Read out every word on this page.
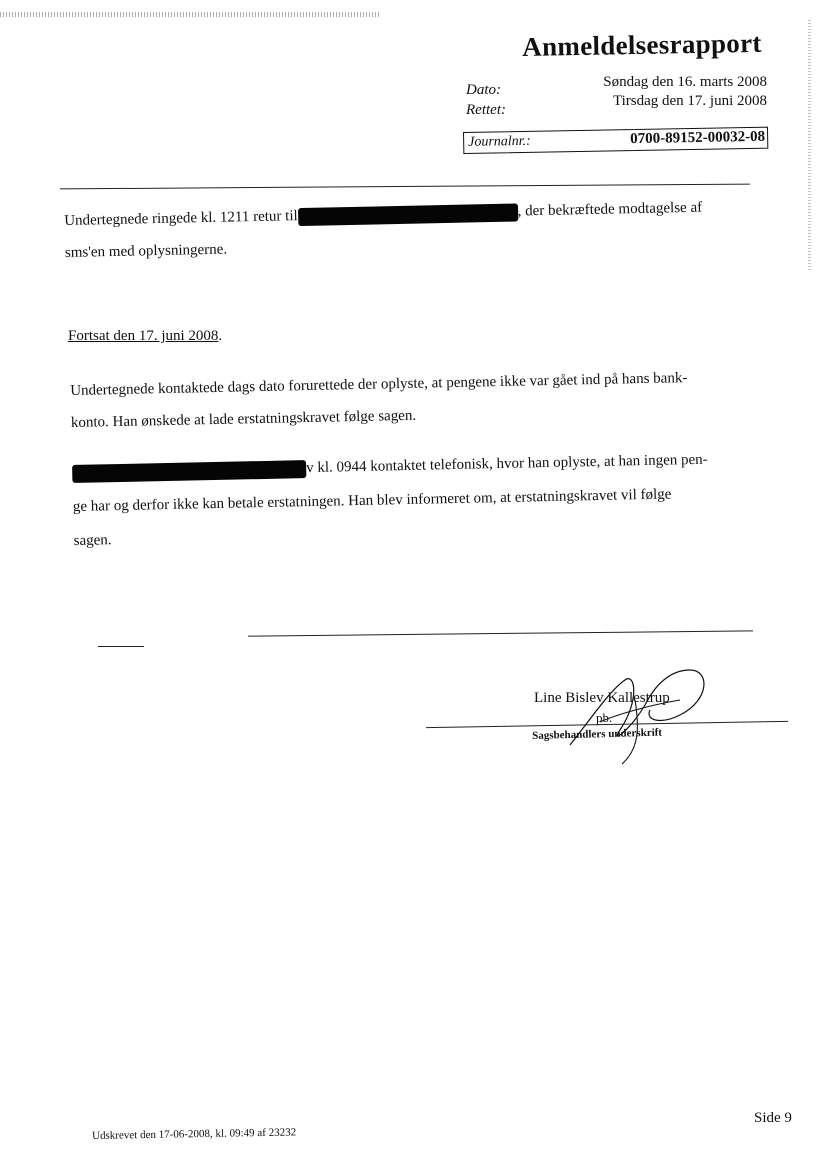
Anmeldelsesrapport
Dato:	Søndag den 16. marts 2008
Rettet:
Tirsdag den 17. juni 2008
Journalnr.:	0700-89152-00032-08
Undertegnede ringede kl. 1211 retur til	, der bekræftede modtagelse af
sms'en med oplysningerne.
Fortsat den 17. juni 2008.
Undertegnede kontaktede dags dato forurettede der oplyste, at pengene ikke var gået ind på hans bank-
konto. Han ønskede at lade erstatningskravet følge sagen.
v kl. 0944 kontaktet telefonisk, hvor han oplyste, at han ingen pen-
ge har og derfor ikke kan betale erstatningen. Han blev informeret om, at erstatningskravet vil følge
sagen.
Line Bislev Kallestrup
pb.
Sagsbehandlers underskrift
Side 9
Udskrevet den 17-06-2008, kl. 09:49 af 23232
